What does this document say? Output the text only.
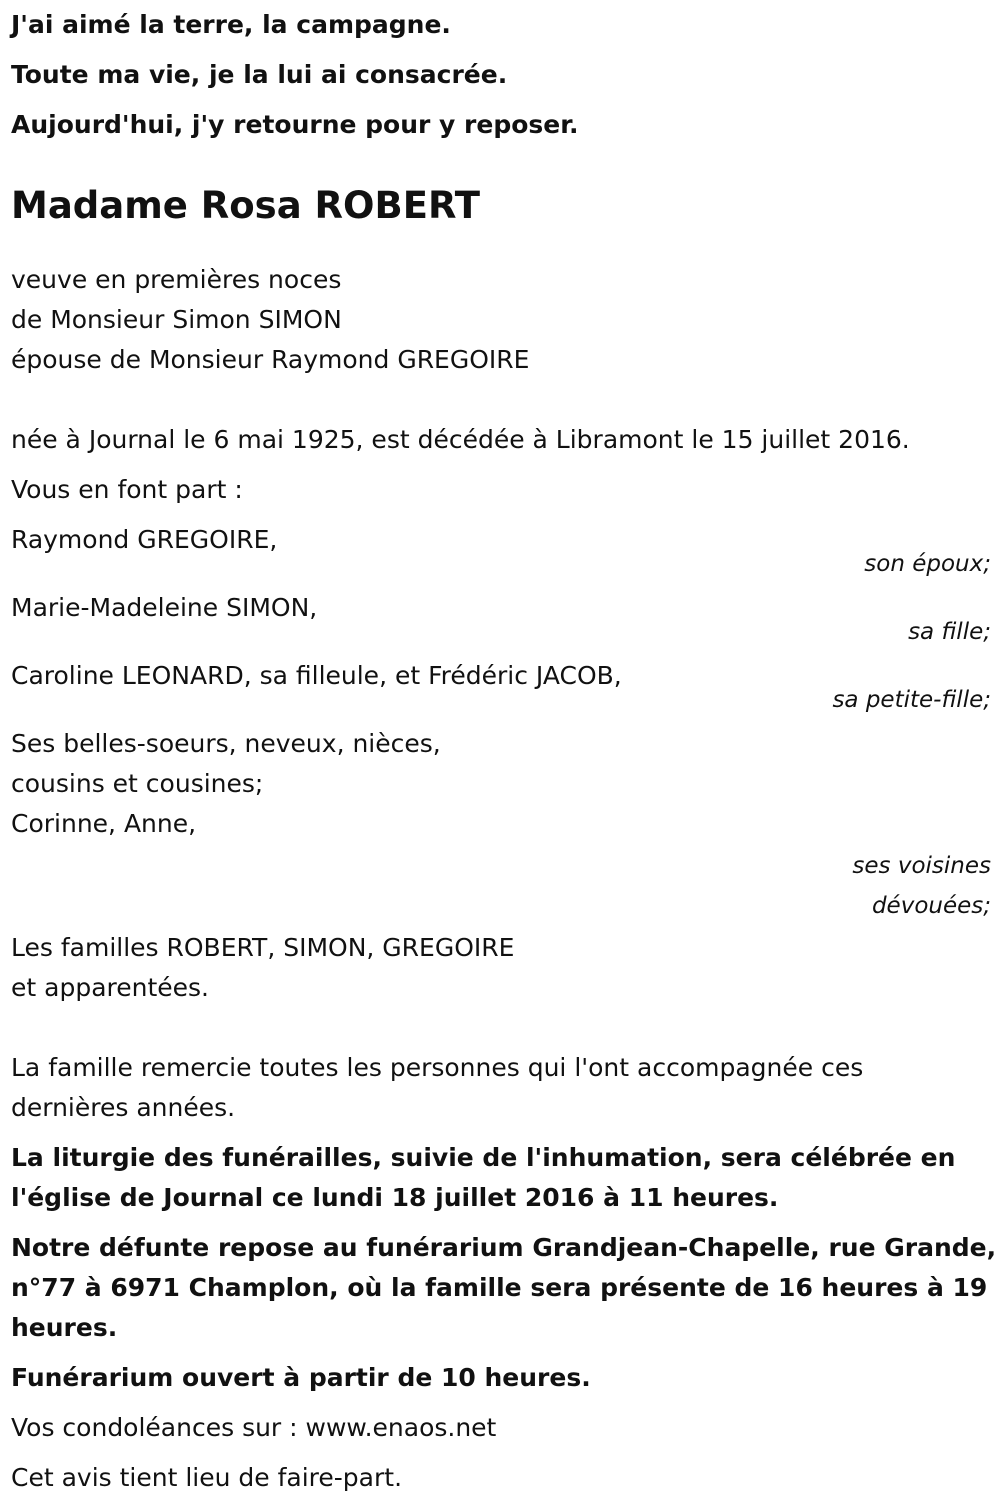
J'ai aimé la terre, la campagne.
Toute ma vie, je la lui ai consacrée.
Aujourd'hui, j'y retourne pour y reposer.
Madame Rosa ROBERT
veuve en premières noces
de Monsieur Simon SIMON
épouse de Monsieur Raymond GREGOIRE
née à Journal le 6 mai 1925, est décédée à Libramont le 15 juillet 2016.
Vous en font part :
Raymond GREGOIRE,
son époux;
Marie-Madeleine SIMON,
sa fille;
Caroline LEONARD, sa filleule, et Frédéric JACOB,
sa petite-fille;
Ses belles-soeurs, neveux, nièces,
cousins et cousines;
Corinne, Anne,
ses voisines
dévouées;
Les familles ROBERT, SIMON, GREGOIRE
et apparentées.
La famille remercie toutes les personnes qui l'ont accompagnée ces
dernières années.
La liturgie des funérailles, suivie de l'inhumation, sera célébrée en
l'église de Journal ce lundi 18 juillet 2016 à 11 heures.
Notre défunte repose au funérarium Grandjean-Chapelle, rue Grande,
n°77 à 6971 Champlon, où la famille sera présente de 16 heures à 19
heures.
Funérarium ouvert à partir de 10 heures.
Vos condoléances sur : www.enaos.net
Cet avis tient lieu de faire-part.
